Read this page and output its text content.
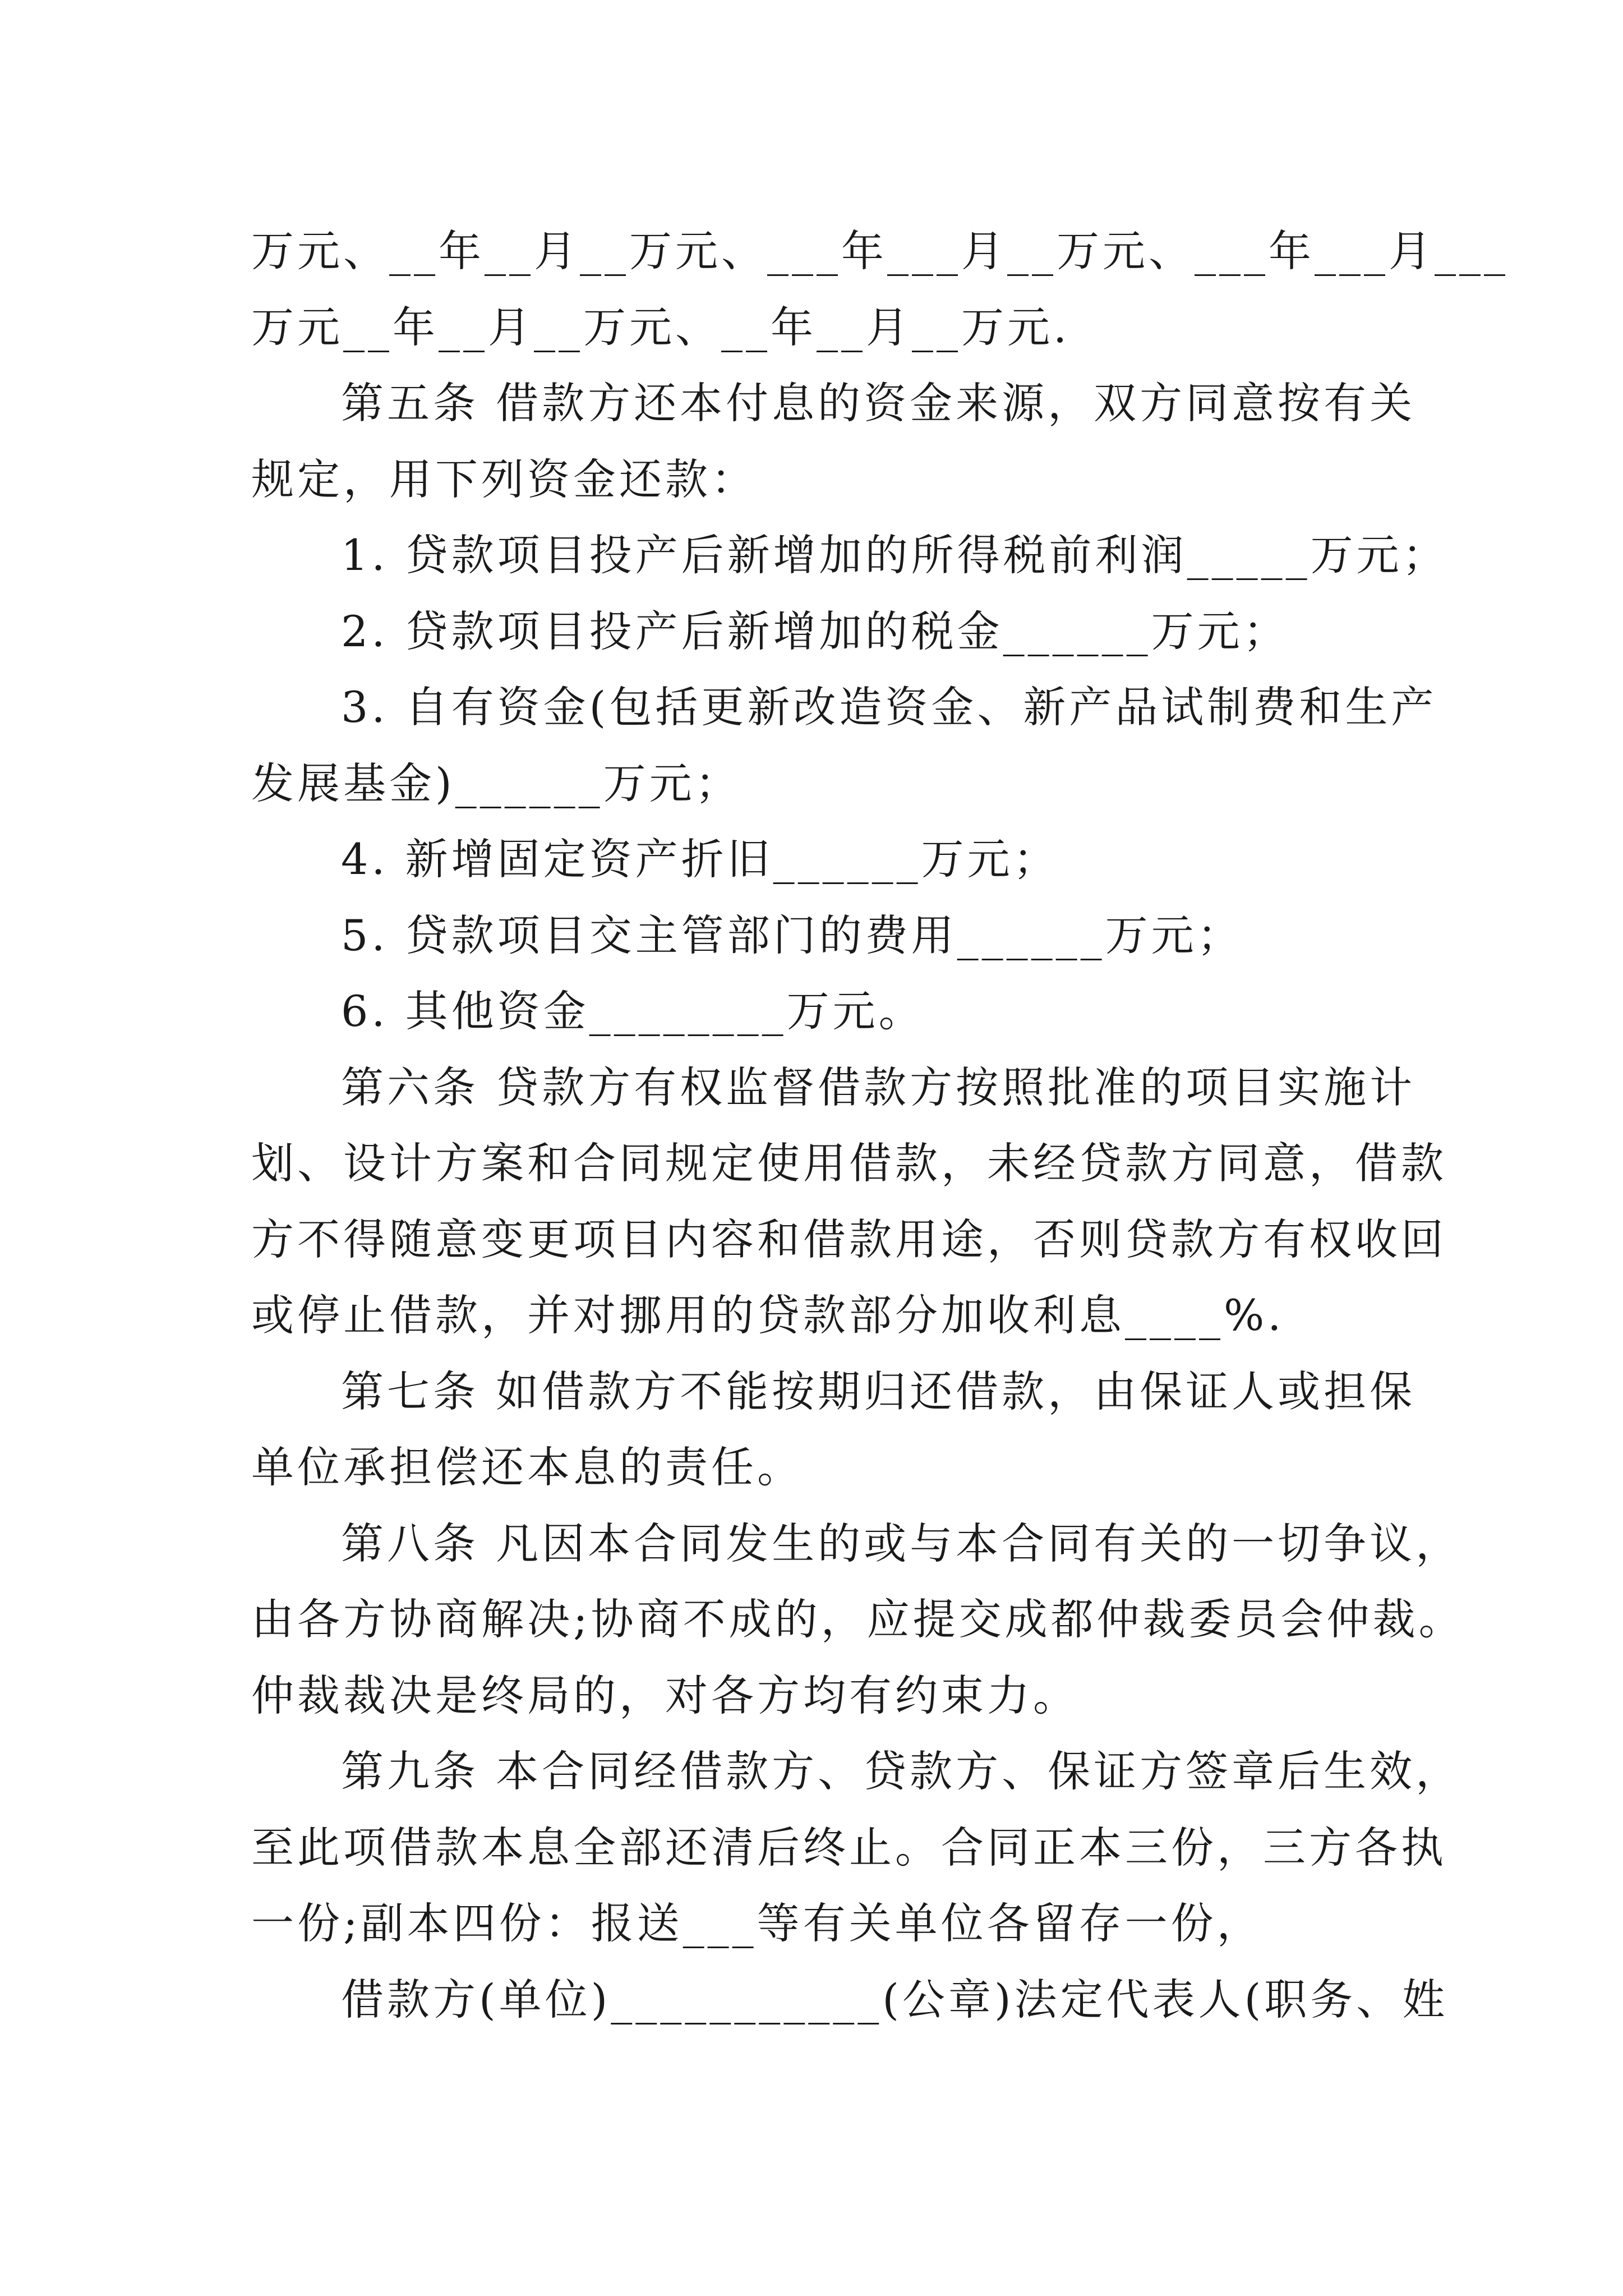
万元、__年__月__万元、___年___月__万元、___年___月___

万元__年__月__万元、__年__月__万元.

第五条 借款方还本付息的资金来源，双方同意按有关

规定，用下列资金还款：

1. 贷款项目投产后新增加的所得税前利润_____万元；

2. 贷款项目投产后新增加的税金______万元；

3. 自有资金(包括更新改造资金、新产品试制费和生产

发展基金)______万元；

4. 新增固定资产折旧______万元；

5. 贷款项目交主管部门的费用______万元；

6. 其他资金________万元。

第六条 贷款方有权监督借款方按照批准的项目实施计

划、设计方案和合同规定使用借款，未经贷款方同意，借款

方不得随意变更项目内容和借款用途，否则贷款方有权收回

或停止借款，并对挪用的贷款部分加收利息____%.

第七条 如借款方不能按期归还借款，由保证人或担保

单位承担偿还本息的责任。

第八条 凡因本合同发生的或与本合同有关的一切争议，

由各方协商解决;协商不成的，应提交成都仲裁委员会仲裁。

仲裁裁决是终局的，对各方均有约束力。

第九条 本合同经借款方、贷款方、保证方签章后生效，

至此项借款本息全部还清后终止。合同正本三份，三方各执

一份;副本四份：报送___等有关单位各留存一份，

借款方(单位)___________(公章)法定代表人(职务、姓
